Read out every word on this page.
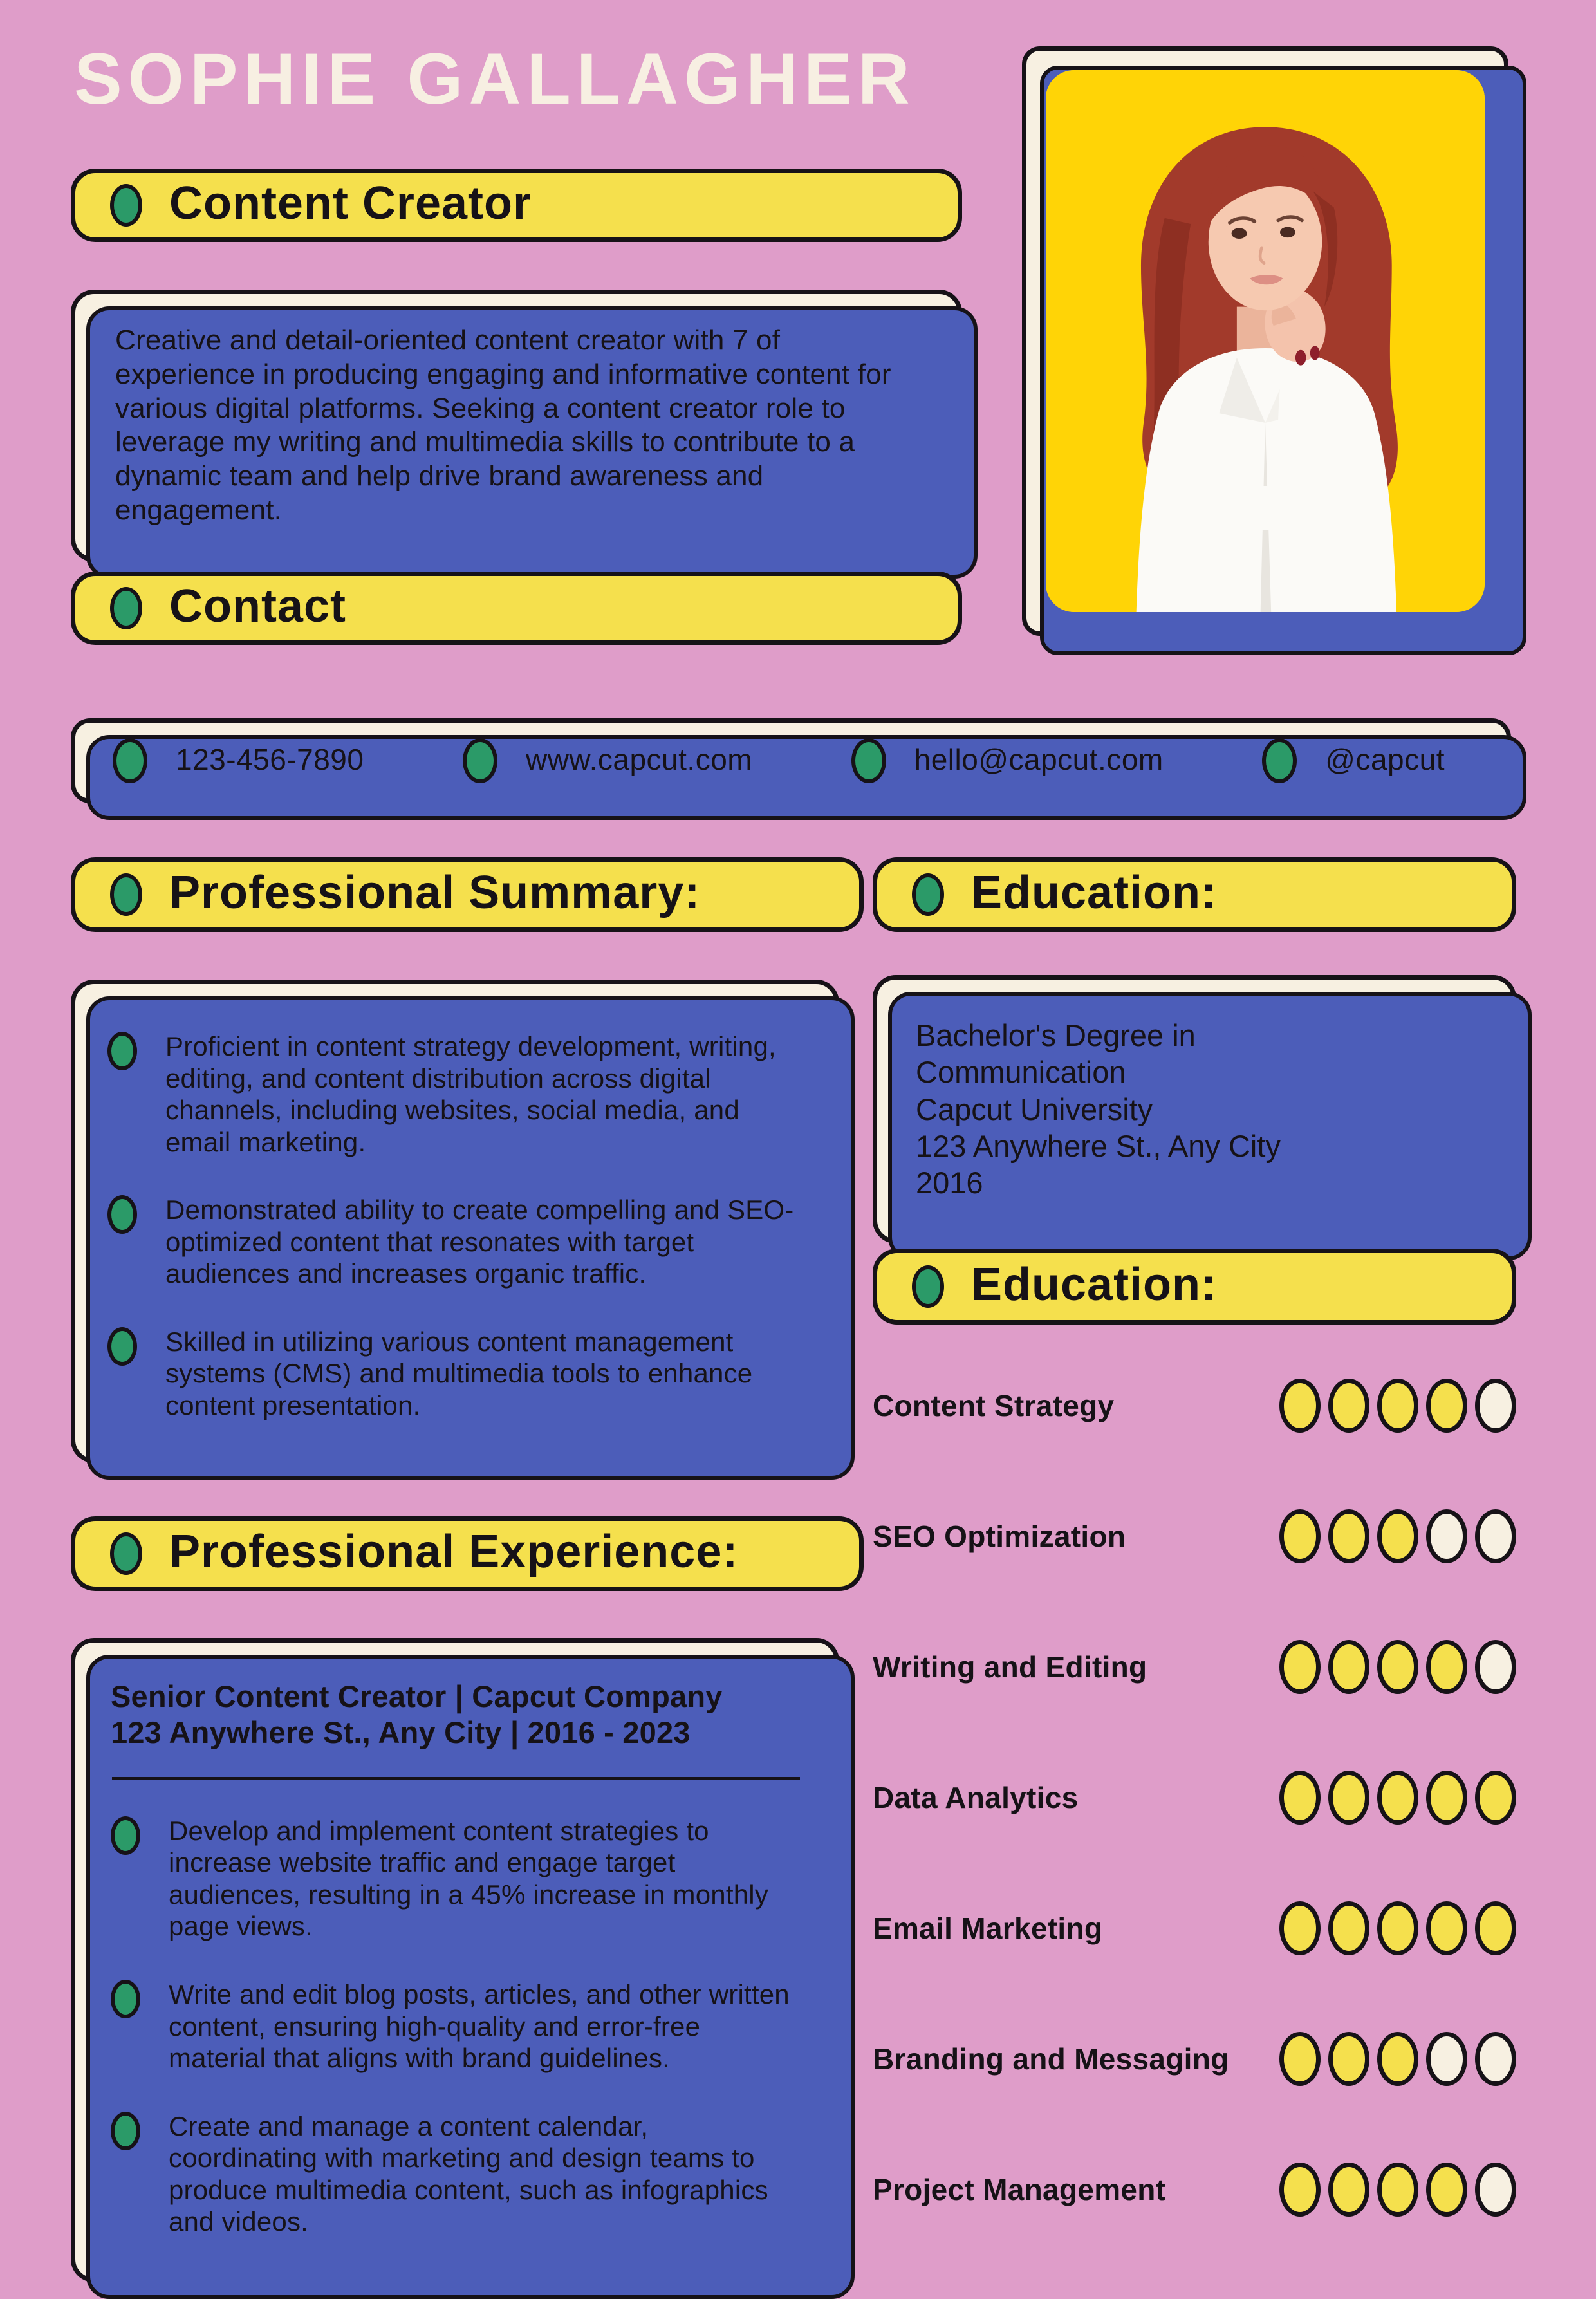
SOPHIE GALLAGHER
Content Creator
Creative and detail-oriented content creator with 7 of experience in producing engaging and informative content for various digital platforms. Seeking a content creator role to leverage my writing and multimedia skills to contribute to a dynamic team and help drive brand awareness and engagement.
Contact
123-456-7890	www.capcut.com	hello@capcut.com	@capcut
Professional Summary:
Proficient in content strategy development, writing, editing, and content distribution across digital channels, including websites, social media, and email marketing.
Demonstrated ability to create compelling and SEO-optimized content that resonates with target audiences and increases organic traffic.
Skilled in utilizing various content management systems (CMS) and multimedia tools to enhance content presentation.
Education:
Bachelor's Degree in Communication
Capcut University
123 Anywhere St., Any City
2016
Education:
Content Strategy
SEO Optimization
Writing and Editing
Data Analytics
Email Marketing
Branding and Messaging
Project Management
Professional Experience:
Senior Content Creator | Capcut Company
123 Anywhere St., Any City | 2016 - 2023
Develop and implement content strategies to increase website traffic and engage target audiences, resulting in a 45% increase in monthly page views.
Write and edit blog posts, articles, and other written content, ensuring high-quality and error-free material that aligns with brand guidelines.
Create and manage a content calendar, coordinating with marketing and design teams to produce multimedia content, such as infographics and videos.
